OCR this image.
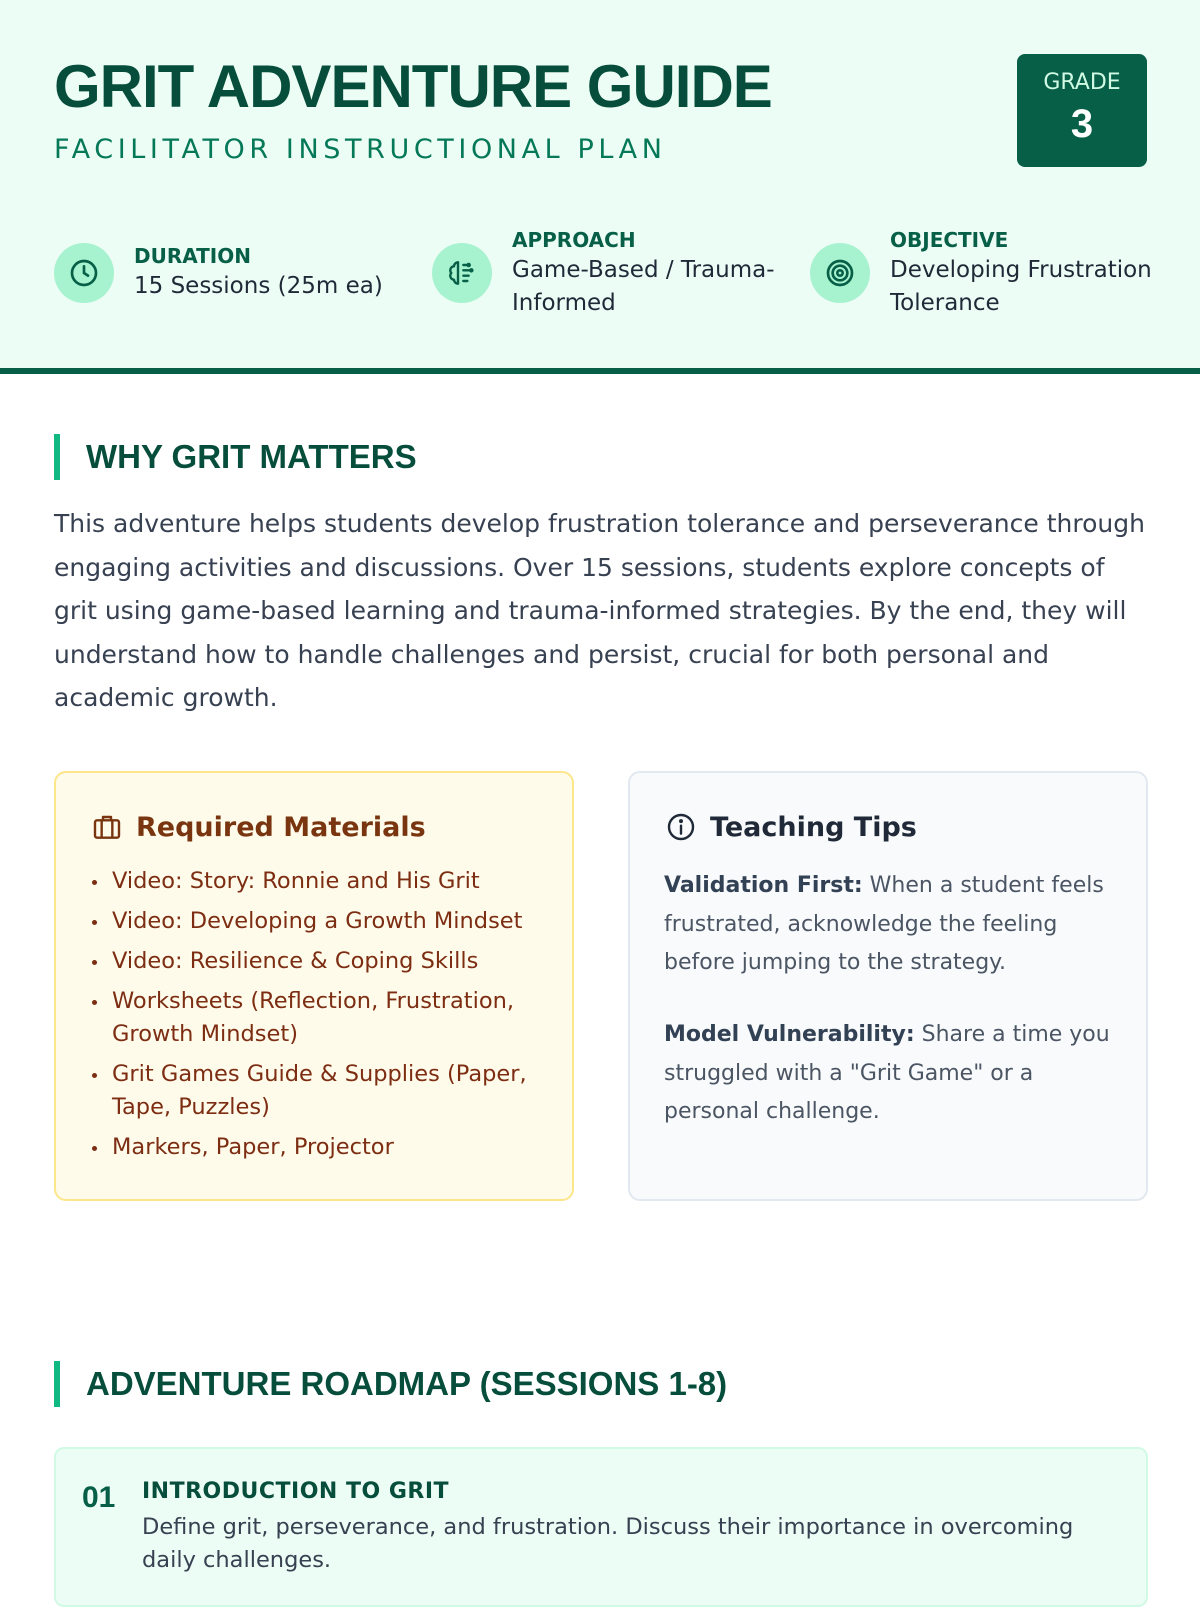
GRIT ADVENTURE GUIDE
FACILITATOR INSTRUCTIONAL PLAN
GRADE
3
DURATION
15 Sessions (25m ea)
APPROACH
Game-Based / Trauma-Informed
OBJECTIVE
Developing Frustration Tolerance
WHY GRIT MATTERS

This adventure helps students develop frustration tolerance and perseverance through engaging activities and discussions. Over 15 sessions, students explore concepts of grit using game-based learning and trauma-informed strategies. By the end, they will understand how to handle challenges and persist, crucial for both personal and academic growth.

Required Materials
Video: Story: Ronnie and His Grit
Video: Developing a Growth Mindset
Video: Resilience & Coping Skills
Worksheets (Reflection, Frustration, Growth Mindset)
Grit Games Guide & Supplies (Paper, Tape, Puzzles)
Markers, Paper, Projector
Teaching Tips

Validation First: When a student feels frustrated, acknowledge the feeling before jumping to the strategy.

Model Vulnerability: Share a time you struggled with a "Grit Game" or a personal challenge.

ADVENTURE ROADMAP (SESSIONS 1-8)
01 INTRODUCTION TO GRIT
Define grit, perseverance, and frustration. Discuss their importance in overcoming daily challenges.
